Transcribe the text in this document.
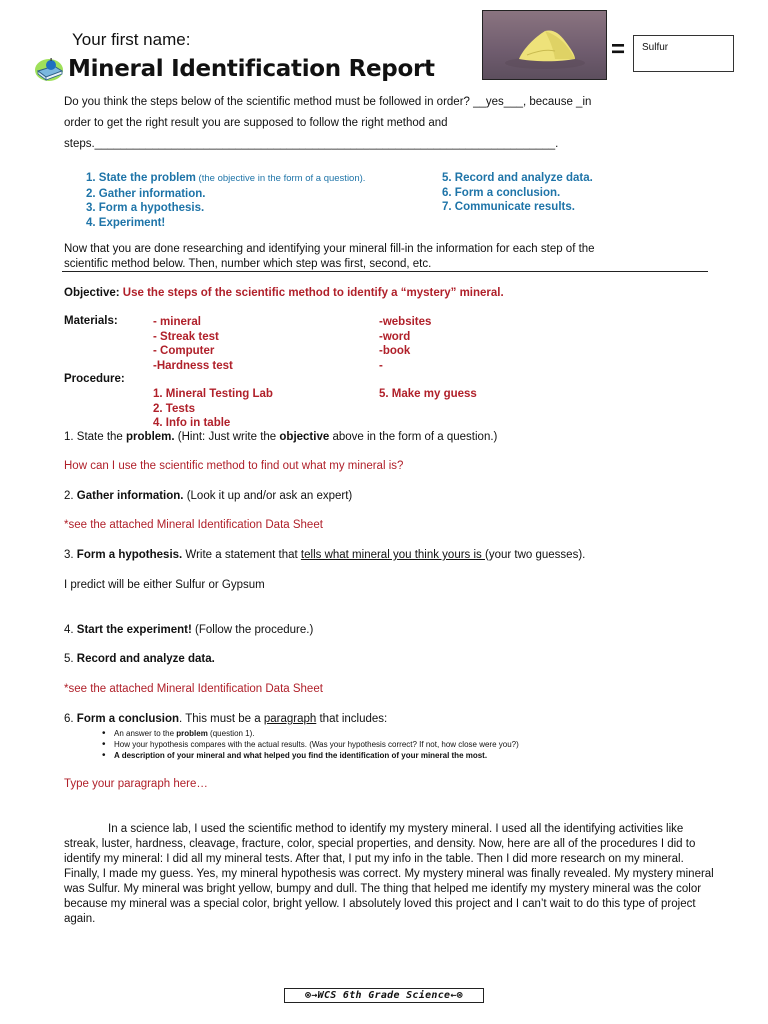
Your first name:
Mineral Identification Report
=	Sulfur
Do you think the steps below of the scientific method must be followed in order? __yes___, because _in
order to get the right result you are supposed to follow the right method and
steps.________________________________________________________________________.
1. State the problem (the objective in the form of a question).
2. Gather information.
3. Form a hypothesis.
4. Experiment!
5. Record and analyze data.
6. Form a conclusion.
7. Communicate results.
Now that you are done researching and identifying your mineral fill-in the information for each step of the
scientific method below. Then, number which step was first, second, etc.
Objective: Use the steps of the scientific method to identify a “mystery” mineral.
Materials:	- mineral
- Streak test
- Computer
-Hardness test
-websites
-word
-book
-
Procedure:
1. Mineral Testing Lab
2. Tests
4. Info in table
5. Make my guess
1. State the problem. (Hint: Just write the objective above in the form of a question.)
How can I use the scientific method to find out what my mineral is?
2. Gather information. (Look it up and/or ask an expert)
*see the attached Mineral Identification Data Sheet
3. Form a hypothesis. Write a statement that tells what mineral you think yours is (your two guesses).
I predict will be either Sulfur or Gypsum
4. Start the experiment! (Follow the procedure.)
5. Record and analyze data.
*see the attached Mineral Identification Data Sheet
6. Form a conclusion. This must be a paragraph that includes:
• An answer to the problem (question 1).
• How your hypothesis compares with the actual results. (Was your hypothesis correct? If not, how close were you?)
• A description of your mineral and what helped you find the identification of your mineral the most.
Type your paragraph here…
In a science lab, I used the scientific method to identify my mystery mineral. I used all the identifying activities like streak, luster, hardness, cleavage, fracture, color, special properties, and density. Now, here are all of the procedures I did to identify my mineral: I did all my mineral tests. After that, I put my info in the table. Then I did more research on my mineral. Finally, I made my guess. Yes, my mineral hypothesis was correct. My mystery mineral was finally revealed. My mystery mineral was Sulfur. My mineral was bright yellow, bumpy and dull. The thing that helped me identify my mystery mineral was the color because my mineral was a special color, bright yellow. I absolutely loved this project and I can’t wait to do this type of project again.
⊗→WCS 6th Grade Science←⊗
